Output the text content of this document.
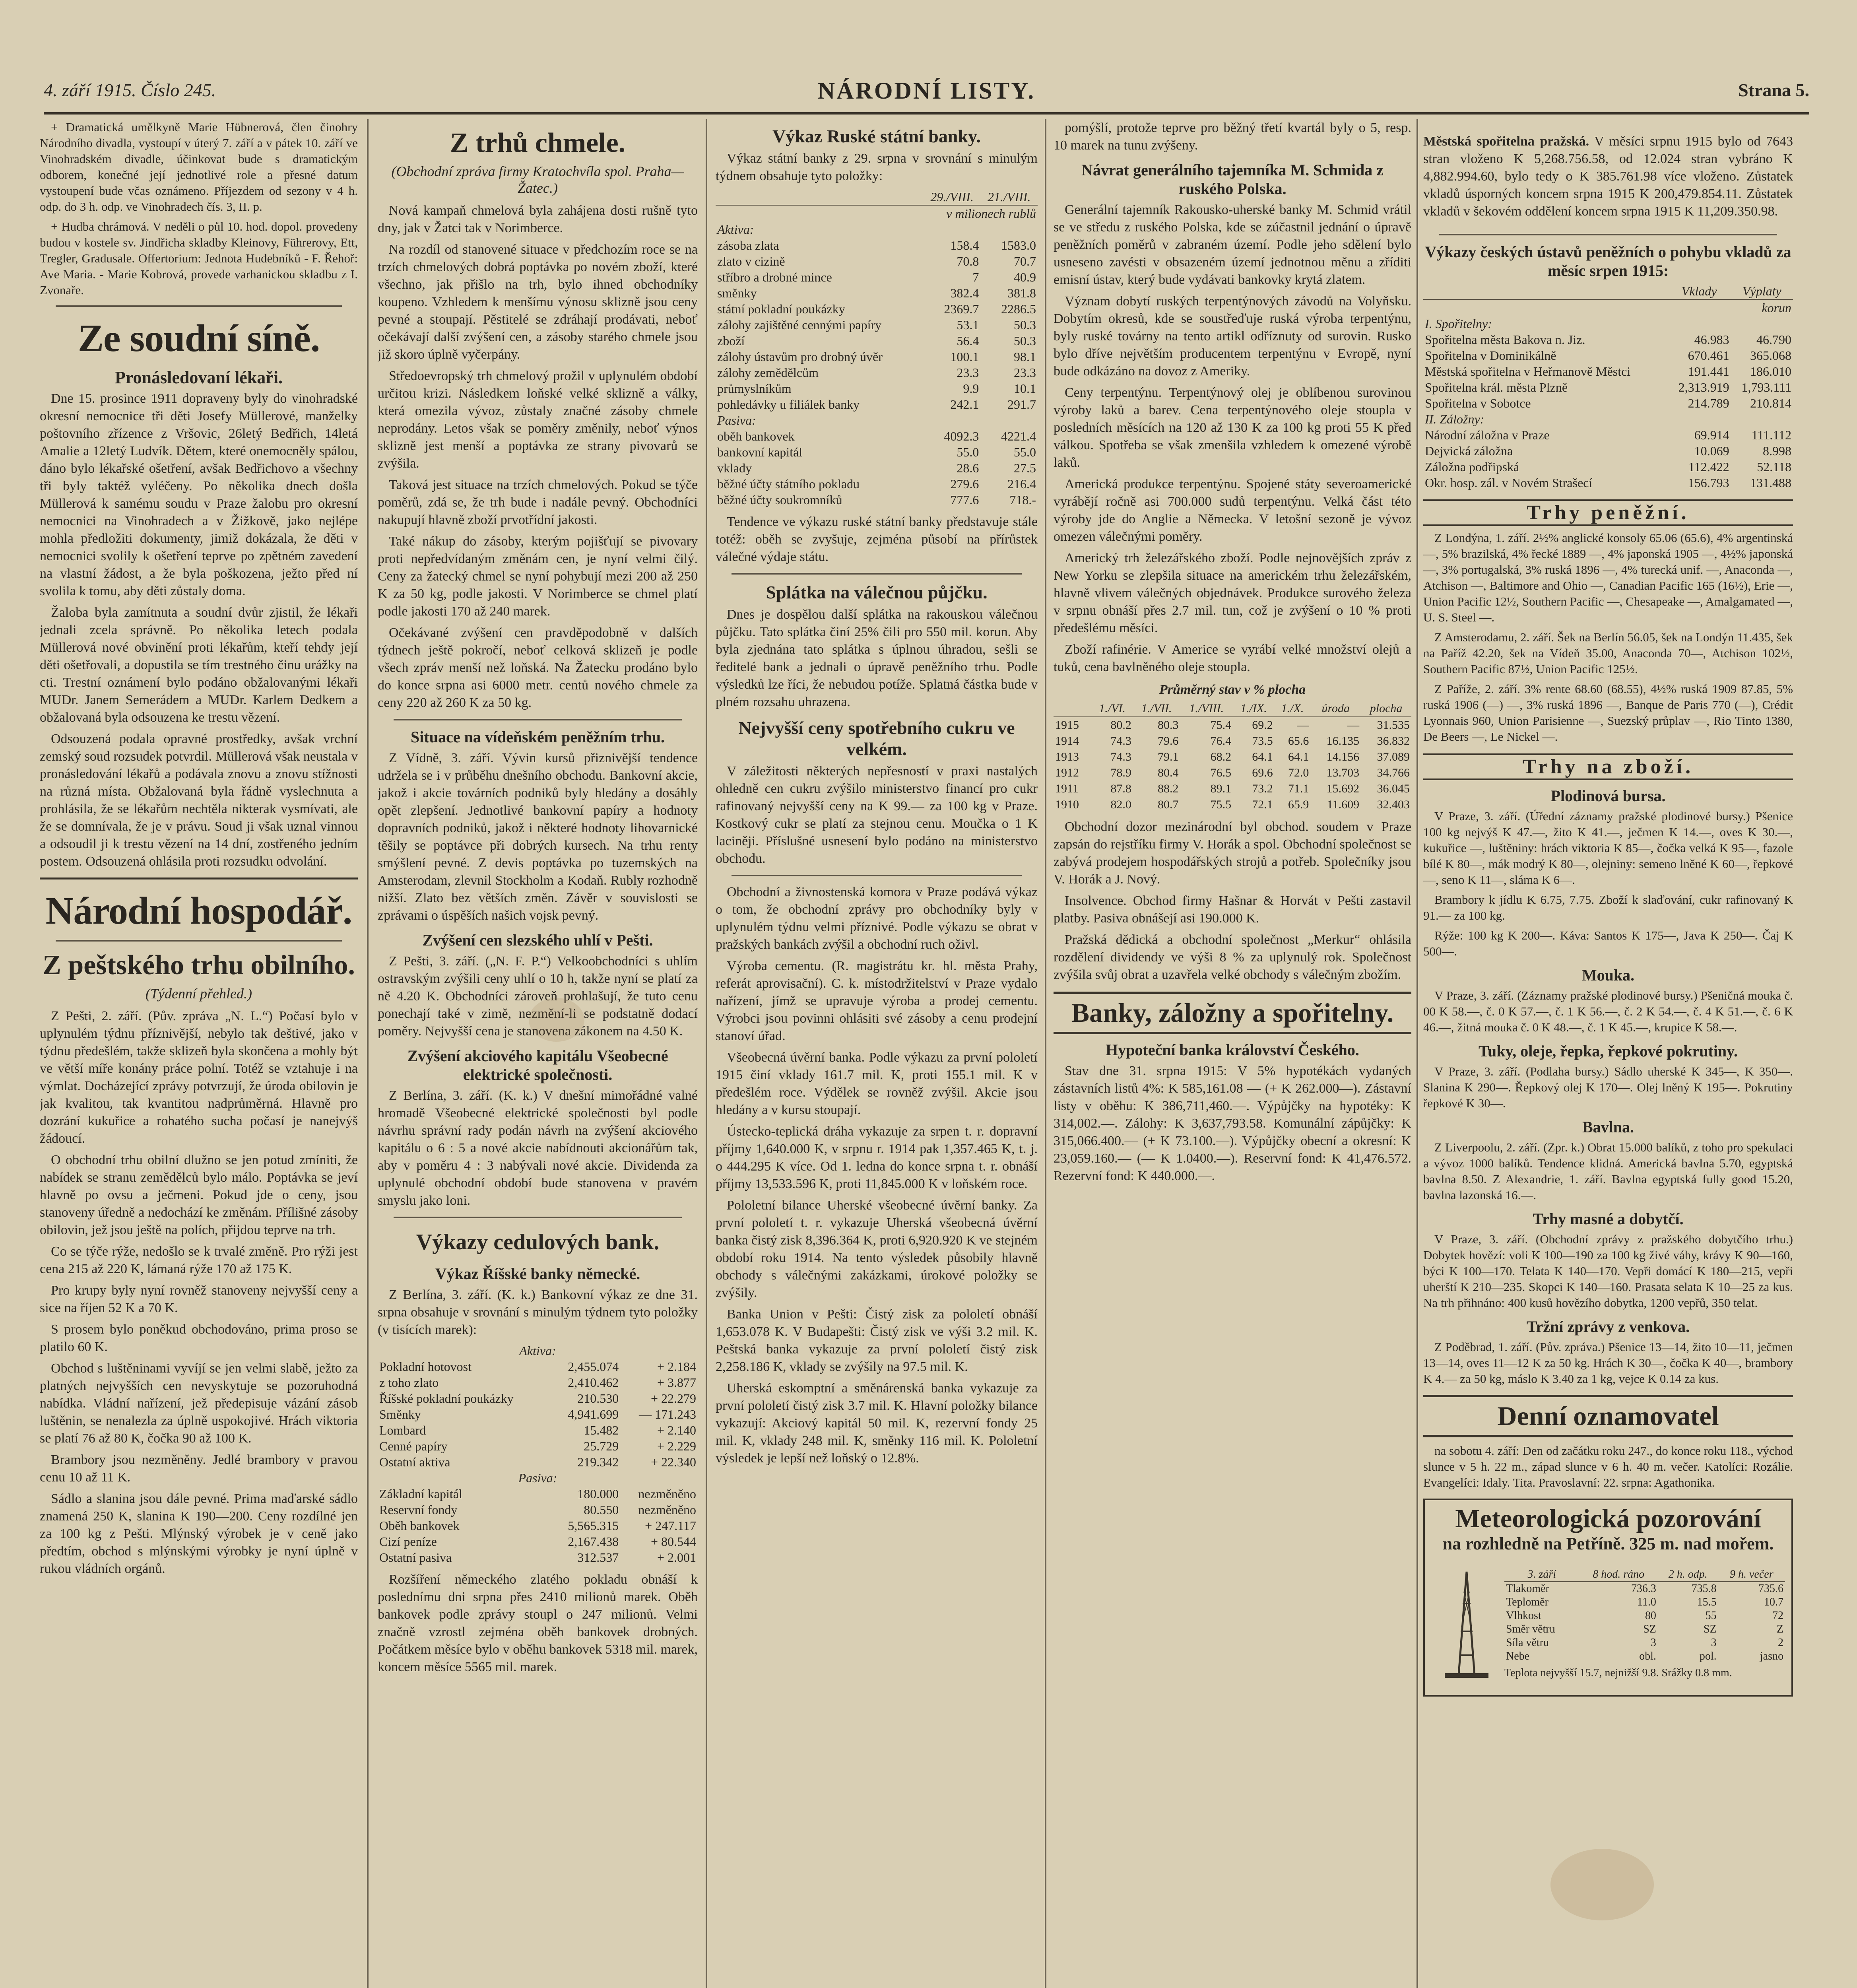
4. září 1915. Číslo 245.	NÁRODNÍ LISTY.	Strana 5.

+ Dramatická umělkyně Marie Hübnerová, člen činohry Národního divadla, vystoupí v úterý 7. září a v pátek 10. září ve Vinohradském divadle, účinkovat bude s dramatickým odborem, konečné její jednotlivé role a přesné datum vystoupení bude včas oznámeno. Příjezdem od sezony v 4 h. odp. do 3 h. odp. ve Vinohradech čís. 3, II. p.

+ Hudba chrámová. V neděli o půl 10. hod. dopol. provedeny budou v kostele sv. Jindřicha skladby Kleinovy, Führerovy, Ett, Tregler, Gradusale. Offertorium: Jednota Hudebníků - F. Řehoř: Ave Maria. - Marie Kobrová, provede varhanickou skladbu z I. Zvonaře.

Ze soudní síně.
Pronásledovaní lékaři.

Dne 15. prosince 1911 dopraveny byly do vinohradské okresní nemocnice tři děti Josefy Müllerové, manželky poštovního zřízence z Vršovic, 26letý Bedřich, 14letá Amalie a 12letý Ludvík. Dětem, které onemocněly spálou, dáno bylo lékařské ošetření, avšak Bedřichovo a všechny tři byly taktéž vyléčeny. Po několika dnech došla Müllerová k samému soudu v Praze žalobu pro okresní nemocnici na Vinohradech a v Žižkově, jako nejlépe mohla předložiti dokumenty, jimiž dokázala, že děti v nemocnici svolily k ošetření teprve po zpětném zavedení na vlastní žádost, a že byla poškozena, ježto před ní svolila k tomu, aby děti zůstaly doma.

Žaloba byla zamítnuta a soudní dvůr zjistil, že lékaři jednali zcela správně. Po několika letech podala Müllerová nové obvinění proti lékařům, kteří tehdy její děti ošetřovali, a dopustila se tím trestného činu urážky na cti. Trestní oznámení bylo podáno obžalovanými lékaři MUDr. Janem Semerádem a MUDr. Karlem Dedkem a obžalovaná byla odsouzena ke trestu vězení.

Odsouzená podala opravné prostředky, avšak vrchní zemský soud rozsudek potvrdil. Müllerová však neustala v pronásledování lékařů a podávala znovu a znovu stížnosti na různá místa. Obžalovaná byla řádně vyslechnuta a prohlásila, že se lékařům nechtěla nikterak vysmívati, ale že se domnívala, že je v právu. Soud ji však uznal vinnou a odsoudil ji k trestu vězení na 14 dní, zostřeného jedním postem. Odsouzená ohlásila proti rozsudku odvolání.

Národní hospodář.
Z peštského trhu obilního.
(Týdenní přehled.)

Z Pešti, 2. září. (Pův. zpráva „N. L.“) Počasí bylo v uplynulém týdnu příznivější, nebylo tak deštivé, jako v týdnu předešlém, takže sklizeň byla skončena a mohly být ve větší míře konány práce polní. Totéž se vztahuje i na výmlat. Docházející zprávy potvrzují, že úroda obilovin je jak kvalitou, tak kvantitou nadprůměrná. Hlavně pro dozrání kukuřice a rohatého sucha počasí je nanejvýš žádoucí.

O obchodní trhu obilní dlužno se jen potud zmíniti, že nabídek se stranu zemědělců bylo málo. Poptávka se jeví hlavně po ovsu a ječmeni. Pokud jde o ceny, jsou stanoveny úředně a nedochází ke změnám. Přílišné zásoby obilovin, jež jsou ještě na polích, přijdou teprve na trh.

Co se týče rýže, nedošlo se k trvalé změně. Pro rýži jest cena 215 až 220 K, lámaná rýže 170 až 175 K.

Pro krupy byly nyní rovněž stanoveny nejvyšší ceny a sice na říjen 52 K a 70 K.

S prosem bylo poněkud obchodováno, prima proso se platilo 60 K.

Obchod s luštěninami vyvíjí se jen velmi slabě, ježto za platných nejvyšších cen nevyskytuje se pozoruhodná nabídka. Vládní nařízení, jež předepisuje vázání zásob luštěnin, se nenalezla za úplně uspokojivé. Hrách viktoria se platí 76 až 80 K, čočka 90 až 100 K.

Brambory jsou nezměněny. Jedlé brambory v pravou cenu 10 až 11 K.

Sádlo a slanina jsou dále pevné. Prima maďarské sádlo znamená 250 K, slanina K 190—200. Ceny rozdílné jen za 100 kg z Pešti. Mlýnský výrobek je v ceně jako předtím, obchod s mlýnskými výrobky je nyní úplně v rukou vládních orgánů.

Z trhů chmele.
(Obchodní zpráva firmy Kratochvíla spol. Praha—Žatec.)

Nová kampaň chmelová byla zahájena dosti rušně tyto dny, jak v Žatci tak v Norimberce.

Na rozdíl od stanovené situace v předchozím roce se na trzích chmelových dobrá poptávka po novém zboží, které všechno, jak přišlo na trh, bylo ihned obchodníky koupeno. Vzhledem k menšímu výnosu sklizně jsou ceny pevné a stoupají. Pěstitelé se zdráhají prodávati, neboť očekávají další zvýšení cen, a zásoby starého chmele jsou již skoro úplně vyčerpány.

Středoevropský trh chmelový prožil v uplynulém období určitou krizi. Následkem loňské velké sklizně a války, která omezila vývoz, zůstaly značné zásoby chmele neprodány. Letos však se poměry změnily, neboť výnos sklizně jest menší a poptávka ze strany pivovarů se zvýšila.

Taková jest situace na trzích chmelových. Pokud se týče poměrů, zdá se, že trh bude i nadále pevný. Obchodníci nakupují hlavně zboží prvotřídní jakosti.

Také nákup do zásoby, kterým pojišťují se pivovary proti nepředvídaným změnám cen, je nyní velmi čilý. Ceny za žatecký chmel se nyní pohybují mezi 200 až 250 K za 50 kg, podle jakosti. V Norimberce se chmel platí podle jakosti 170 až 240 marek.

Očekávané zvýšení cen pravděpodobně v dalších týdnech ještě pokročí, neboť celková sklizeň je podle všech zpráv menší než loňská. Na Žatecku prodáno bylo do konce srpna asi 6000 metr. centů nového chmele za ceny 220 až 260 K za 50 kg.

Situace na vídeňském peněžním trhu.

Z Vídně, 3. září. Vývin kursů přiznivější tendence udržela se i v průběhu dnešního obchodu. Bankovní akcie, jakož i akcie továrních podniků byly hledány a dosáhly opět zlepšení. Jednotlivé bankovní papíry a hodnoty dopravních podniků, jakož i některé hodnoty lihovarnické těšily se poptávce při dobrých kursech. Na trhu renty smýšlení pevné. Z devis poptávka po tuzemských na Amsterodam, zlevnil Stockholm a Kodaň. Rubly rozhodně nižší. Zlato bez větších změn. Závěr v souvislosti se zprávami o úspěších našich vojsk pevný.

Zvýšení cen slezského uhlí v Pešti.

Z Pešti, 3. září. („N. F. P.“) Velkoobchodníci s uhlím ostravským zvýšili ceny uhlí o 10 h, takže nyní se platí za ně 4.20 K. Obchodníci zároveň prohlašují, že tuto cenu ponechají také v zimě, nezmění-li se podstatně dodací poměry. Nejvyšší cena je stanovena zákonem na 4.50 K.

Zvýšení akciového kapitálu Všeobecné elektrické společnosti.

Z Berlína, 3. září. (K. k.) V dnešní mimořádné valné hromadě Všeobecné elektrické společnosti byl podle návrhu správní rady podán návrh na zvýšení akciového kapitálu o 6 : 5 a nové akcie nabídnouti akcionářům tak, aby v poměru 4 : 3 nabývali nové akcie. Dividenda za uplynulé obchodní období bude stanovena v pravém smyslu jako loni.

Výkazy cedulových bank.
Výkaz Říšské banky německé.

Z Berlína, 3. září. (K. k.) Bankovní výkaz ze dne 31. srpna obsahuje v srovnání s minulým týdnem tyto položky (v tisících marek):

Aktiva:		
Pokladní hotovost	2,455.074	+ 2.184
z toho zlato	2,410.462	+ 3.877
Říšské pokladní poukázky	210.530	+ 22.279
Směnky	4,941.699	— 171.243
Lombard	15.482	+ 2.140
Cenné papíry	25.729	+ 2.229
Ostatní aktiva	219.342	+ 22.340
Pasiva:		
Základní kapitál	180.000	nezměněno
Reservní fondy	80.550	nezměněno
Oběh bankovek	5,565.315	+ 247.117
Cizí peníze	2,167.438	+ 80.544
Ostatní pasiva	312.537	+ 2.001

Rozšíření německého zlatého pokladu obnáší k poslednímu dni srpna přes 2410 milionů marek. Oběh bankovek podle zprávy stoupl o 247 milionů. Velmi značně vzrostl zejména oběh bankovek drobných. Počátkem měsíce bylo v oběhu bankovek 5318 mil. marek, koncem měsíce 5565 mil. marek.

Výkaz Ruské státní banky.

Výkaz státní banky z 29. srpna v srovnání s minulým týdnem obsahuje tyto položky:

	29./VIII.	21./VIII.
v milionech rublů		
Aktiva:		
zásoba zlata	158.4	1583.0
zlato v cizině	70.8	70.7
stříbro a drobné mince	7	40.9
směnky	382.4	381.8
státní pokladní poukázky	2369.7	2286.5
zálohy zajištěné cennými papíry	53.1	50.3
zboží	56.4	50.3
zálohy ústavům pro drobný úvěr	100.1	98.1
zálohy zemědělcům	23.3	23.3
průmyslníkům	9.9	10.1
pohledávky u filiálek banky	242.1	291.7
Pasiva:		
oběh bankovek	4092.3	4221.4
bankovní kapitál	55.0	55.0
vklady	28.6	27.5
běžné účty státního pokladu	279.6	216.4
běžné účty soukromníků	777.6	718.-

Tendence ve výkazu ruské státní banky představuje stále totéž: oběh se zvyšuje, zejména působí na přírůstek válečné výdaje státu.

Splátka na válečnou půjčku.

Dnes je dospělou další splátka na rakouskou válečnou půjčku. Tato splátka činí 25% čili pro 550 mil. korun. Aby byla zjednána tato splátka s úplnou úhradou, sešli se ředitelé bank a jednali o úpravě peněžního trhu. Podle výsledků lze říci, že nebudou potíže. Splatná částka bude v plném rozsahu uhrazena.

Nejvyšší ceny spotřebního cukru ve velkém.

V záležitosti některých nepřesností v praxi nastalých ohledně cen cukru zvýšilo ministerstvo financí pro cukr rafinovaný nejvyšší ceny na K 99.— za 100 kg v Praze. Kostkový cukr se platí za stejnou cenu. Moučka o 1 K laciněji. Příslušné usnesení bylo podáno na ministerstvo obchodu.

Obchodní a živnostenská komora v Praze podává výkaz o tom, že obchodní zprávy pro obchodníky byly v uplynulém týdnu velmi příznivé. Podle výkazu se obrat v pražských bankách zvýšil a obchodní ruch oživl.

Výroba cementu. (R. magistrátu kr. hl. města Prahy, referát aprovisační). C. k. místodržitelství v Praze vydalo nařízení, jímž se upravuje výroba a prodej cementu. Výrobci jsou povinni ohlásiti své zásoby a cenu prodejní stanoví úřad.

Všeobecná úvěrní banka. Podle výkazu za první pololetí 1915 činí vklady 161.7 mil. K, proti 155.1 mil. K v předešlém roce. Výdělek se rovněž zvýšil. Akcie jsou hledány a v kursu stoupají.

Ústecko-teplická dráha vykazuje za srpen t. r. dopravní příjmy 1,640.000 K, v srpnu r. 1914 pak 1,357.465 K, t. j. o 444.295 K více. Od 1. ledna do konce srpna t. r. obnáší příjmy 13,533.596 K, proti 11,845.000 K v loňském roce.

Pololetní bilance Uherské všeobecné úvěrní banky. Za první pololetí t. r. vykazuje Uherská všeobecná úvěrní banka čistý zisk 8,396.364 K, proti 6,920.920 K ve stejném období roku 1914. Na tento výsledek působily hlavně obchody s válečnými zakázkami, úrokové položky se zvýšily.

Banka Union v Pešti: Čistý zisk za pololetí obnáší 1,653.078 K. V Budapešti: Čistý zisk ve výši 3.2 mil. K. Peštská banka vykazuje za první pololetí čistý zisk 2,258.186 K, vklady se zvýšily na 97.5 mil. K.

Uherská eskomptní a směnárenská banka vykazuje za první pololetí čistý zisk 3.7 mil. K. Hlavní položky bilance vykazují: Akciový kapitál 50 mil. K, rezervní fondy 25 mil. K, vklady 248 mil. K, směnky 116 mil. K. Pololetní výsledek je lepší než loňský o 12.8%.

pomýšlí, protože teprve pro běžný třetí kvartál byly o 5, resp. 10 marek na tunu zvýšeny.

Návrat generálního tajemníka M. Schmida z ruského Polska.

Generální tajemník Rakousko-uherské banky M. Schmid vrátil se ve středu z ruského Polska, kde se zúčastnil jednání o úpravě peněžních poměrů v zabraném území. Podle jeho sdělení bylo usneseno zavésti v obsazeném území jednotnou měnu a zříditi emisní ústav, který bude vydávati bankovky krytá zlatem.

Význam dobytí ruských terpentýnových závodů na Volyňsku. Dobytím okresů, kde se soustřeďuje ruská výroba terpentýnu, byly ruské továrny na tento artikl odříznuty od surovin. Rusko bylo dříve největším producentem terpentýnu v Evropě, nyní bude odkázáno na dovoz z Ameriky.

Ceny terpentýnu. Terpentýnový olej je oblíbenou surovinou výroby laků a barev. Cena terpentýnového oleje stoupla v posledních měsících na 120 až 130 K za 100 kg proti 55 K před válkou. Spotřeba se však zmenšila vzhledem k omezené výrobě laků.

Americká produkce terpentýnu. Spojené státy severoamerické vyrábějí ročně asi 700.000 sudů terpentýnu. Velká část této výroby jde do Anglie a Německa. V letošní sezoně je vývoz omezen válečnými poměry.

Americký trh železářského zboží. Podle nejnovějších zpráv z New Yorku se zlepšila situace na americkém trhu železářském, hlavně vlivem válečných objednávek. Produkce surového železa v srpnu obnáší přes 2.7 mil. tun, což je zvýšení o 10 % proti předešlému měsíci.

Zboží rafinérie. V Americe se vyrábí velké množství olejů a tuků, cena bavlněného oleje stoupla.

Průměrný stav v % plocha
	1./VI.	1./VII.	1./VIII.	1./IX.	1./X.	úroda	plocha
1915	80.2	80.3	75.4	69.2	—	—	31.535
1914	74.3	79.6	76.4	73.5	65.6	16.135	36.832
1913	74.3	79.1	68.2	64.1	64.1	14.156	37.089
1912	78.9	80.4	76.5	69.6	72.0	13.703	34.766
1911	87.8	88.2	89.1	73.2	71.1	15.692	36.045
1910	82.0	80.7	75.5	72.1	65.9	11.609	32.403

Obchodní dozor mezinárodní byl obchod. soudem v Praze zapsán do rejstříku firmy V. Horák a spol. Obchodní společnost se zabývá prodejem hospodářských strojů a potřeb. Společníky jsou V. Horák a J. Nový.

Insolvence. Obchod firmy Hašnar & Horvát v Pešti zastavil platby. Pasiva obnášejí asi 190.000 K.

Pražská dědická a obchodní společnost „Merkur“ ohlásila rozdělení dividendy ve výši 8 % za uplynulý rok. Společnost zvýšila svůj obrat a uzavřela velké obchody s válečným zbožím.

Banky, záložny a spořitelny.
Hypoteční banka království Českého.

Stav dne 31. srpna 1915: V 5% hypotékách vydaných zástavních listů 4%: K 585,161.08 — (+ K 262.000—). Zástavní listy v oběhu: K 386,711,460.—. Výpůjčky na hypotéky: K 314,002.—. Zálohy: K 3,637,793.58. Komunální zápůjčky: K 315,066.400.— (+ K 73.100.—). Výpůjčky obecní a okresní: K 23,059.160.— (— K 1.0400.—). Reservní fond: K 41,476.572. Rezervní fond: K 440.000.—.

Městská spořitelna pražská. V měsíci srpnu 1915 bylo od 7643 stran vloženo K 5,268.756.58, od 12.024 stran vybráno K 4,882.994.60, bylo tedy o K 385.761.98 více vloženo. Zůstatek vkladů úsporných koncem srpna 1915 K 200,479.854.11. Zůstatek vkladů v šekovém oddělení koncem srpna 1915 K 11,209.350.98.

Výkazy českých ústavů peněžních o pohybu vkladů za měsíc srpen 1915:
	Vklady	Výplaty
korun		
I. Spořitelny:		
Spořitelna města Bakova n. Jiz.	46.983	46.790
Spořitelna v Dominikálně	670.461	365.068
Městská spořitelna v Heřmanově Městci	191.441	186.010
Spořitelna král. města Plzně	2,313.919	1,793.111
Spořitelna v Sobotce	214.789	210.814
II. Záložny:		
Národní záložna v Praze	69.914	111.112
Dejvická záložna	10.069	8.998
Záložna podřipská	112.422	52.118
Okr. hosp. zál. v Novém Strašecí	156.793	131.488
Trhy peněžní.

Z Londýna, 1. září. 2½% anglické konsoly 65.06 (65.6), 4% argentinská —, 5% brazilská, 4% řecké 1889 —, 4% japonská 1905 —, 4½% japonská —, 3% portugalská, 3% ruská 1896 —, 4% turecká unif. —, Anaconda —, Atchison —, Baltimore and Ohio —, Canadian Pacific 165 (16½), Erie —, Union Pacific 12½, Southern Pacific —, Chesapeake —, Amalgamated —, U. S. Steel —.

Z Amsterodamu, 2. září. Šek na Berlín 56.05, šek na Londýn 11.435, šek na Paříž 42.20, šek na Vídeň 35.00, Anaconda 70—, Atchison 102½, Southern Pacific 87½, Union Pacific 125½.

Z Paříže, 2. září. 3% rente 68.60 (68.55), 4½% ruská 1909 87.85, 5% ruská 1906 (—) —, 3% ruská 1896 —, Banque de Paris 770 (—), Crédit Lyonnais 960, Union Parisienne —, Suezský průplav —, Rio Tinto 1380, De Beers —, Le Nickel —.

Trhy na zboží.
Plodinová bursa.

V Praze, 3. září. (Úřední záznamy pražské plodinové bursy.) Pšenice 100 kg nejvýš K 47.—, žito K 41.—, ječmen K 14.—, oves K 30.—, kukuřice —, luštěniny: hrách viktoria K 85—, čočka velká K 95—, fazole bílé K 80—, mák modrý K 80—, olejniny: semeno lněné K 60—, řepkové —, seno K 11—, sláma K 6—.

Brambory k jídlu K 6.75, 7.75. Zboží k slaďování, cukr rafinovaný K 91.— za 100 kg.

Rýže: 100 kg K 200—. Káva: Santos K 175—, Java K 250—. Čaj K 500—.

Mouka.

V Praze, 3. září. (Záznamy pražské plodinové bursy.) Pšeničná mouka č. 00 K 58.—, č. 0 K 57.—, č. 1 K 56.—, č. 2 K 54.—, č. 4 K 51.—, č. 6 K 46.—, žitná mouka č. 0 K 48.—, č. 1 K 45.—, krupice K 58.—.

Tuky, oleje, řepka, řepkové pokrutiny.

V Praze, 3. září. (Podlaha bursy.) Sádlo uherské K 345—, K 350—. Slanina K 290—. Řepkový olej K 170—. Olej lněný K 195—. Pokrutiny řepkové K 30—.

Bavlna.

Z Liverpoolu, 2. září. (Zpr. k.) Obrat 15.000 balíků, z toho pro spekulaci a vývoz 1000 balíků. Tendence klidná. Americká bavlna 5.70, egyptská bavlna 8.50. Z Alexandrie, 1. září. Bavlna egyptská fully good 15.20, bavlna lazonská 16.—.

Trhy masné a dobytčí.

V Praze, 3. září. (Obchodní zprávy z pražského dobytčího trhu.) Dobytek hovězí: voli K 100—190 za 100 kg živé váhy, krávy K 90—160, býci K 100—170. Telata K 140—170. Vepři domácí K 180—215, vepři uherští K 210—235. Skopci K 140—160. Prasata selata K 10—25 za kus. Na trh přihnáno: 400 kusů hovězího dobytka, 1200 vepřů, 350 telat.

Tržní zprávy z venkova.

Z Poděbrad, 1. září. (Pův. zpráva.) Pšenice 13—14, žito 10—11, ječmen 13—14, oves 11—12 K za 50 kg. Hrách K 30—, čočka K 40—, brambory K 4.— za 50 kg, máslo K 3.40 za 1 kg, vejce K 0.14 za kus.

Denní oznamovatel

na sobotu 4. září: Den od začátku roku 247., do konce roku 118., východ slunce v 5 h. 22 m., západ slunce v 6 h. 40 m. večer. Katolíci: Rozálie. Evangelíci: Idaly. Tita. Pravoslavní: 22. srpna: Agathonika.

Meteorologická pozorování
na rozhledně na Petříně. 325 m. nad mořem.
3. září	8 hod. ráno	2 h. odp.	9 h. večer
Tlakoměr	736.3	735.8	735.6
Teploměr	11.0	15.5	10.7
Vlhkost	80	55	72
Směr větru	SZ	SZ	Z
Síla větru	3	3	2
Nebe	obl.	pol.	jasno
Teplota nejvyšší 15.7, nejnižší 9.8. Srážky 0.8 mm.
